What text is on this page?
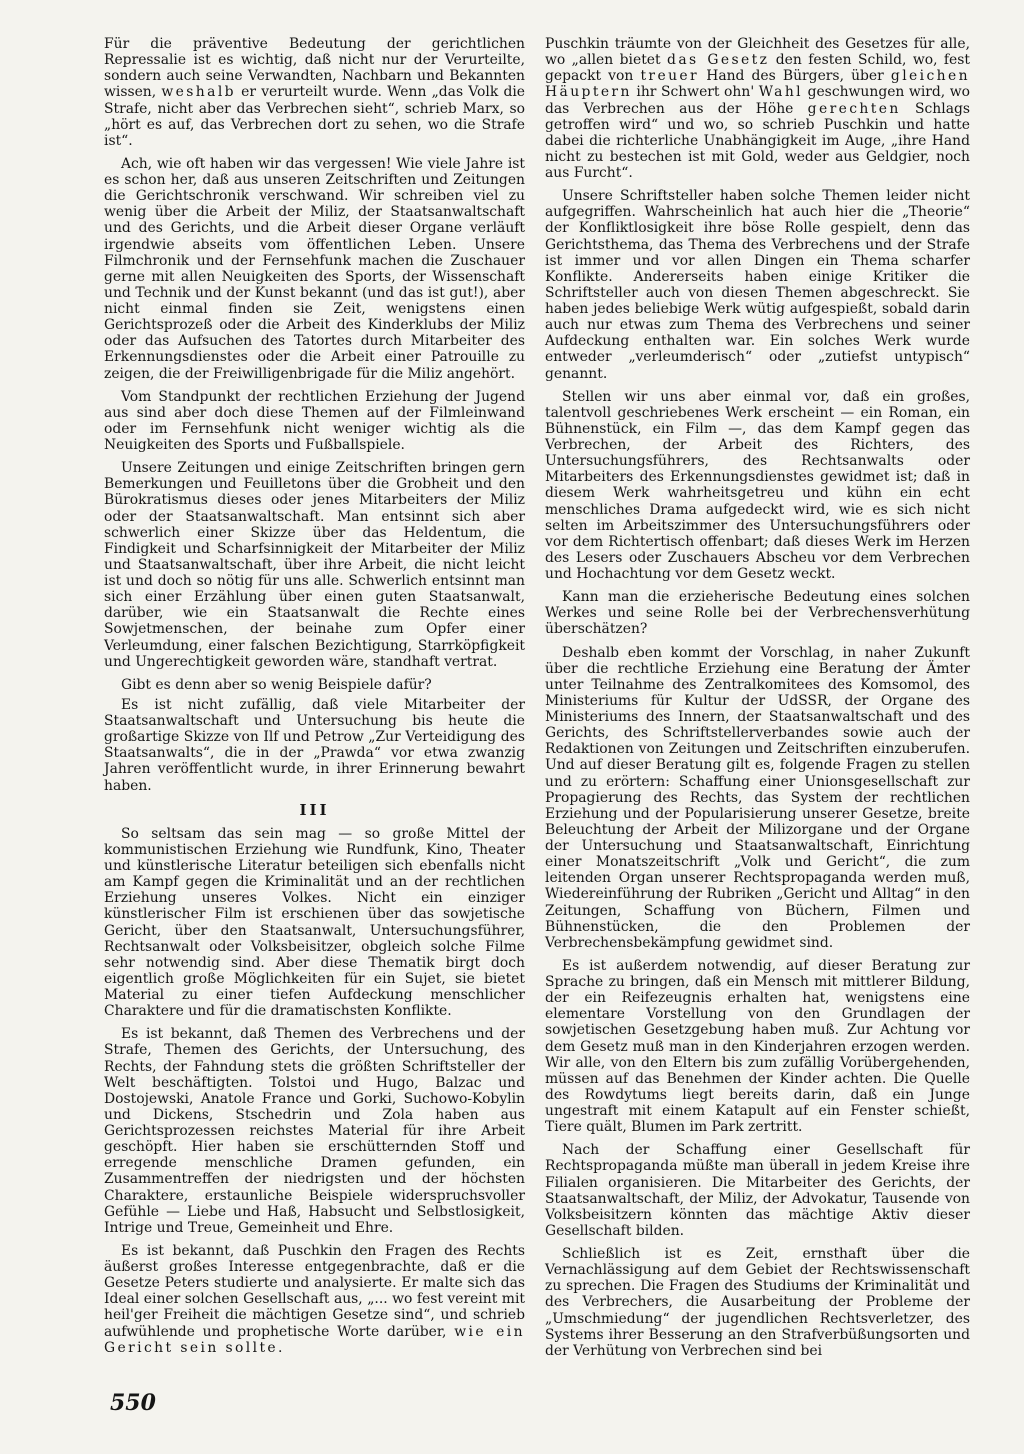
Für die präventive Bedeutung der gerichtlichen Repressalie ist es wichtig, daß nicht nur der Verurteilte, sondern auch seine Verwandten, Nachbarn und Bekannten wissen, weshalb er verurteilt wurde. Wenn „das Volk die Strafe, nicht aber das Verbrechen sieht“, schrieb Marx, so „hört es auf, das Verbrechen dort zu sehen, wo die Strafe ist“.

Ach, wie oft haben wir das vergessen! Wie viele Jahre ist es schon her, daß aus unseren Zeitschriften und Zeitungen die Gerichtschronik verschwand. Wir schreiben viel zu wenig über die Arbeit der Miliz, der Staatsanwaltschaft und des Gerichts, und die Arbeit dieser Organe verläuft irgendwie abseits vom öffentlichen Leben. Unsere Filmchronik und der Fernsehfunk machen die Zuschauer gerne mit allen Neuigkeiten des Sports, der Wissenschaft und Technik und der Kunst bekannt (und das ist gut!), aber nicht einmal finden sie Zeit, wenigstens einen Gerichtsprozeß oder die Arbeit des Kinderklubs der Miliz oder das Aufsuchen des Tatortes durch Mitarbeiter des Erkennungsdienstes oder die Arbeit einer Patrouille zu zeigen, die der Freiwilligenbrigade für die Miliz angehört.

Vom Standpunkt der rechtlichen Erziehung der Jugend aus sind aber doch diese Themen auf der Filmleinwand oder im Fernsehfunk nicht weniger wichtig als die Neuigkeiten des Sports und Fußballspiele.

Unsere Zeitungen und einige Zeitschriften bringen gern Bemerkungen und Feuilletons über die Grobheit und den Bürokratismus dieses oder jenes Mitarbeiters der Miliz oder der Staatsanwaltschaft. Man entsinnt sich aber schwerlich einer Skizze über das Heldentum, die Findigkeit und Scharfsinnigkeit der Mitarbeiter der Miliz und Staatsanwaltschaft, über ihre Arbeit, die nicht leicht ist und doch so nötig für uns alle. Schwerlich entsinnt man sich einer Erzählung über einen guten Staatsanwalt, darüber, wie ein Staatsanwalt die Rechte eines Sowjetmenschen, der beinahe zum Opfer einer Verleumdung, einer falschen Bezichtigung, Starrköpfigkeit und Ungerechtigkeit geworden wäre, standhaft vertrat.

Gibt es denn aber so wenig Beispiele dafür?

Es ist nicht zufällig, daß viele Mitarbeiter der Staatsanwaltschaft und Untersuchung bis heute die großartige Skizze von Ilf und Petrow „Zur Verteidigung des Staatsanwalts“, die in der „Prawda“ vor etwa zwanzig Jahren veröffentlicht wurde, in ihrer Erinnerung bewahrt haben.

III

So seltsam das sein mag — so große Mittel der kommunistischen Erziehung wie Rundfunk, Kino, Theater und künstlerische Literatur beteiligen sich ebenfalls nicht am Kampf gegen die Kriminalität und an der rechtlichen Erziehung unseres Volkes. Nicht ein einziger künstlerischer Film ist erschienen über das sowjetische Gericht, über den Staatsanwalt, Untersuchungsführer, Rechtsanwalt oder Volksbeisitzer, obgleich solche Filme sehr notwendig sind. Aber diese Thematik birgt doch eigentlich große Möglichkeiten für ein Sujet, sie bietet Material zu einer tiefen Aufdeckung menschlicher Charaktere und für die dramatischsten Konflikte.

Es ist bekannt, daß Themen des Verbrechens und der Strafe, Themen des Gerichts, der Untersuchung, des Rechts, der Fahndung stets die größten Schriftsteller der Welt beschäftigten. Tolstoi und Hugo, Balzac und Dostojewski, Anatole France und Gorki, Suchowo-Kobylin und Dickens, Stschedrin und Zola haben aus Gerichtsprozessen reichstes Material für ihre Arbeit geschöpft. Hier haben sie erschütternden Stoff und erregende menschliche Dramen gefunden, ein Zusammentreffen der niedrigsten und der höchsten Charaktere, erstaunliche Beispiele widerspruchsvoller Gefühle — Liebe und Haß, Habsucht und Selbstlosigkeit, Intrige und Treue, Gemeinheit und Ehre.

Es ist bekannt, daß Puschkin den Fragen des Rechts äußerst großes Interesse entgegenbrachte, daß er die Gesetze Peters studierte und analysierte. Er malte sich das Ideal einer solchen Gesellschaft aus, „... wo fest vereint mit heil'ger Freiheit die mächtigen Gesetze sind“, und schrieb aufwühlende und prophetische Worte darüber, wie ein Gericht sein sollte.

Puschkin träumte von der Gleichheit des Gesetzes für alle, wo „allen bietet das Gesetz den festen Schild, wo, fest gepackt von treuer Hand des Bürgers, über gleichen Häuptern ihr Schwert ohn' Wahl geschwungen wird, wo das Verbrechen aus der Höhe gerechten Schlags getroffen wird“ und wo, so schrieb Puschkin und hatte dabei die richterliche Unabhängigkeit im Auge, „ihre Hand nicht zu bestechen ist mit Gold, weder aus Geldgier, noch aus Furcht“.

Unsere Schriftsteller haben solche Themen leider nicht aufgegriffen. Wahrscheinlich hat auch hier die „Theorie“ der Konfliktlosigkeit ihre böse Rolle gespielt, denn das Gerichtsthema, das Thema des Verbrechens und der Strafe ist immer und vor allen Dingen ein Thema scharfer Konflikte. Andererseits haben einige Kritiker die Schriftsteller auch von diesen Themen abgeschreckt. Sie haben jedes beliebige Werk wütig aufgespießt, sobald darin auch nur etwas zum Thema des Verbrechens und seiner Aufdeckung enthalten war. Ein solches Werk wurde entweder „verleumderisch“ oder „zutiefst untypisch“ genannt.

Stellen wir uns aber einmal vor, daß ein großes, talentvoll geschriebenes Werk erscheint — ein Roman, ein Bühnenstück, ein Film —, das dem Kampf gegen das Verbrechen, der Arbeit des Richters, des Untersuchungsführers, des Rechtsanwalts oder Mitarbeiters des Erkennungsdienstes gewidmet ist; daß in diesem Werk wahrheitsgetreu und kühn ein echt menschliches Drama aufgedeckt wird, wie es sich nicht selten im Arbeitszimmer des Untersuchungsführers oder vor dem Richtertisch offenbart; daß dieses Werk im Herzen des Lesers oder Zuschauers Abscheu vor dem Verbrechen und Hochachtung vor dem Gesetz weckt.

Kann man die erzieherische Bedeutung eines solchen Werkes und seine Rolle bei der Verbrechensverhütung überschätzen?

Deshalb eben kommt der Vorschlag, in naher Zukunft über die rechtliche Erziehung eine Beratung der Ämter unter Teilnahme des Zentralkomitees des Komsomol, des Ministeriums für Kultur der UdSSR, der Organe des Ministeriums des Innern, der Staatsanwaltschaft und des Gerichts, des Schriftstellerverbandes sowie auch der Redaktionen von Zeitungen und Zeitschriften einzuberufen. Und auf dieser Beratung gilt es, folgende Fragen zu stellen und zu erörtern: Schaffung einer Unionsgesellschaft zur Propagierung des Rechts, das System der rechtlichen Erziehung und der Popularisierung unserer Gesetze, breite Beleuchtung der Arbeit der Milizorgane und der Organe der Untersuchung und Staatsanwaltschaft, Einrichtung einer Monatszeitschrift „Volk und Gericht“, die zum leitenden Organ unserer Rechtspropaganda werden muß, Wiedereinführung der Rubriken „Gericht und Alltag“ in den Zeitungen, Schaffung von Büchern, Filmen und Bühnenstücken, die den Problemen der Verbrechensbekämpfung gewidmet sind.

Es ist außerdem notwendig, auf dieser Beratung zur Sprache zu bringen, daß ein Mensch mit mittlerer Bildung, der ein Reifezeugnis erhalten hat, wenigstens eine elementare Vorstellung von den Grundlagen der sowjetischen Gesetzgebung haben muß. Zur Achtung vor dem Gesetz muß man in den Kinderjahren erzogen werden. Wir alle, von den Eltern bis zum zufällig Vorübergehenden, müssen auf das Benehmen der Kinder achten. Die Quelle des Rowdytums liegt bereits darin, daß ein Junge ungestraft mit einem Katapult auf ein Fenster schießt, Tiere quält, Blumen im Park zertritt.

Nach der Schaffung einer Gesellschaft für Rechtspropaganda müßte man überall in jedem Kreise ihre Filialen organisieren. Die Mitarbeiter des Gerichts, der Staatsanwaltschaft, der Miliz, der Advokatur, Tausende von Volksbeisitzern könnten das mächtige Aktiv dieser Gesellschaft bilden.

Schließlich ist es Zeit, ernsthaft über die Vernachlässigung auf dem Gebiet der Rechtswissenschaft zu sprechen. Die Fragen des Studiums der Kriminalität und des Verbrechers, die Ausarbeitung der Probleme der „Umschmiedung“ der jugendlichen Rechtsverletzer, des Systems ihrer Besserung an den Strafverbüßungsorten und der Verhütung von Verbrechen sind bei

550
